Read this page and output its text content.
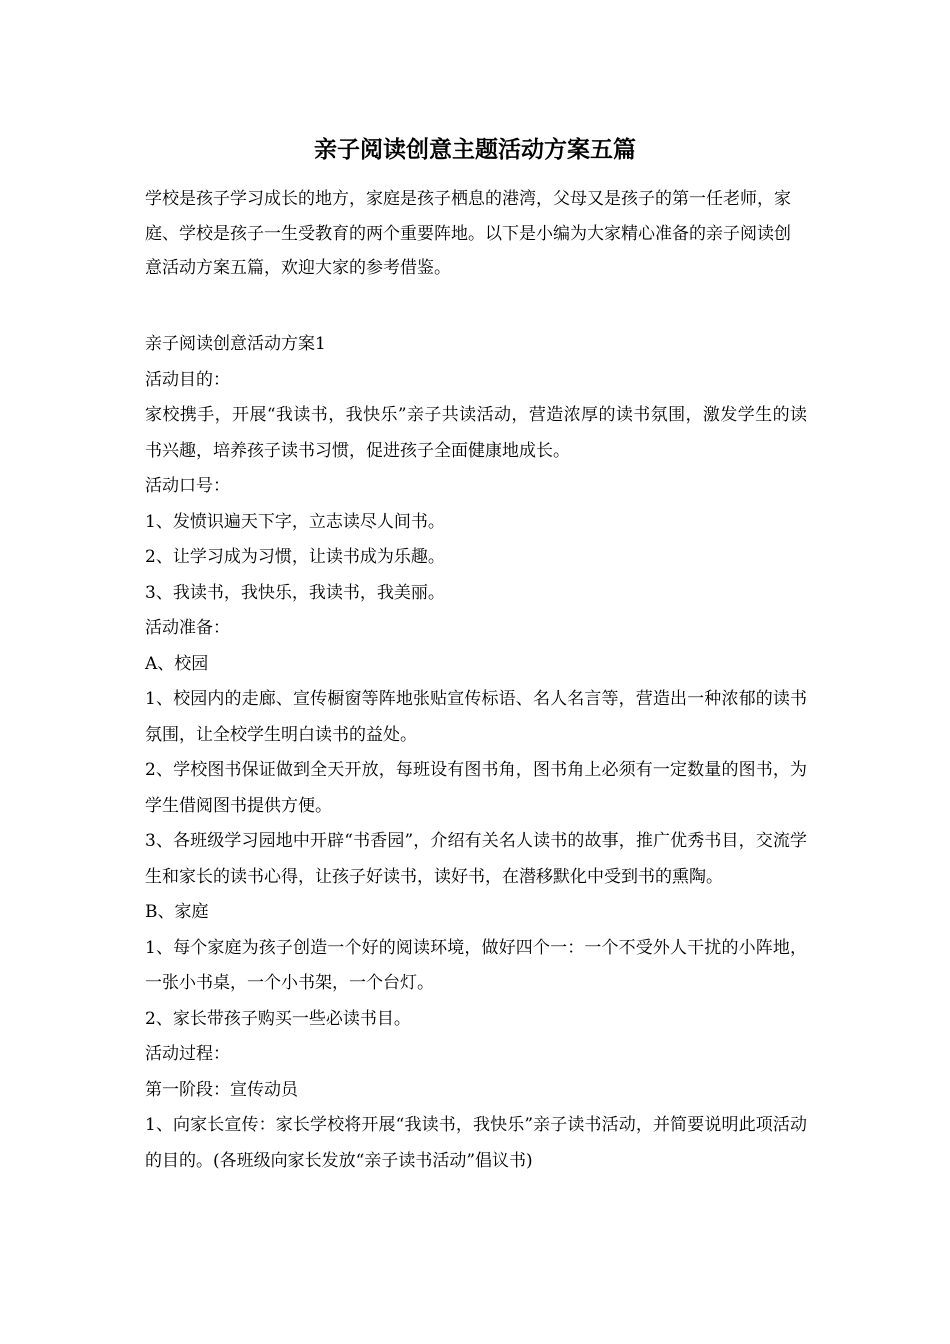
亲子阅读创意主题活动方案五篇

学校是孩子学习成长的地方，家庭是孩子栖息的港湾，父母又是孩子的第一任老师，家庭、学校是孩子一生受教育的两个重要阵地。以下是小编为大家精心准备的亲子阅读创意活动方案五篇，欢迎大家的参考借鉴。

亲子阅读创意活动方案1

活动目的：

家校携手，开展“我读书，我快乐”亲子共读活动，营造浓厚的读书氛围，激发学生的读书兴趣，培养孩子读书习惯，促进孩子全面健康地成长。

活动口号：

1、发愤识遍天下字，立志读尽人间书。

2、让学习成为习惯，让读书成为乐趣。

3、我读书，我快乐，我读书，我美丽。

活动准备：

A、校园

1、校园内的走廊、宣传橱窗等阵地张贴宣传标语、名人名言等，营造出一种浓郁的读书氛围，让全校学生明白读书的益处。

2、学校图书保证做到全天开放，每班设有图书角，图书角上必须有一定数量的图书，为学生借阅图书提供方便。

3、各班级学习园地中开辟“书香园”，介绍有关名人读书的故事，推广优秀书目，交流学生和家长的读书心得，让孩子好读书，读好书，在潜移默化中受到书的熏陶。

B、家庭

1、每个家庭为孩子创造一个好的阅读环境，做好四个一：一个不受外人干扰的小阵地，一张小书桌，一个小书架，一个台灯。

2、家长带孩子购买一些必读书目。

活动过程：

第一阶段：宣传动员

1、向家长宣传：家长学校将开展“我读书，我快乐”亲子读书活动，并简要说明此项活动的目的。(各班级向家长发放“亲子读书活动”倡议书)
